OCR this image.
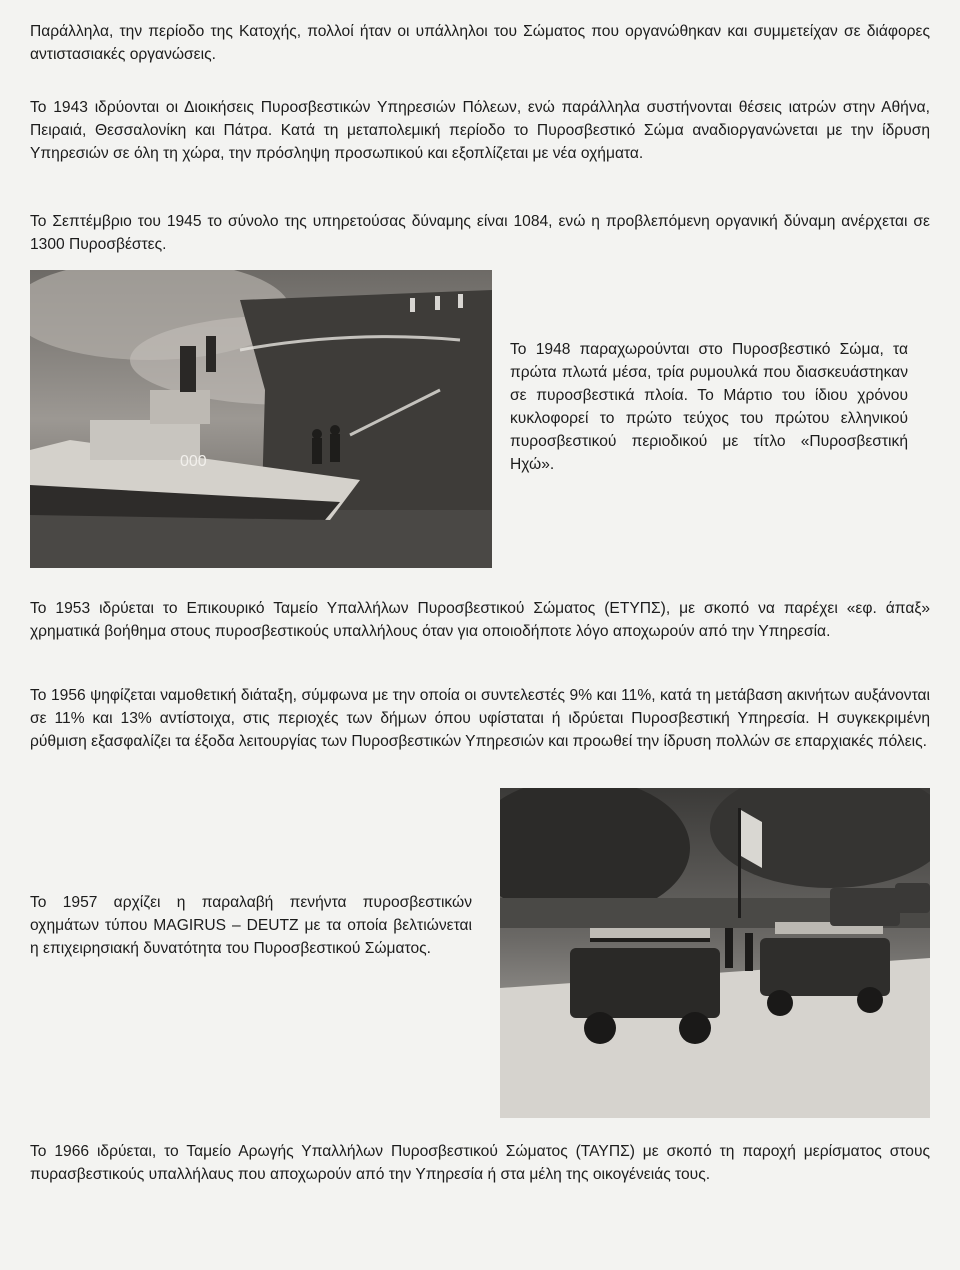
Παράλληλα, την περίοδο της Κατοχής, πολλοί ήταν οι υπάλληλοι του Σώματος που οργανώθηκαν και συμμετείχαν σε διάφορες αντιστασιακές οργανώσεις.

Το 1943 ιδρύονται οι Διοικήσεις Πυροσβεστικών Υπηρεσιών Πόλεων, ενώ παράλληλα συστήνονται θέσεις ιατρών στην Αθήνα, Πειραιά, Θεσσαλονίκη και Πάτρα. Κατά τη μεταπολεμική περίοδο το Πυροσβεστικό Σώμα αναδιοργανώνεται με την ίδρυση Υπηρεσιών σε όλη τη χώρα, την πρόσληψη προσωπικού και εξοπλίζεται με νέα οχήματα.

Το Σεπτέμβριο του 1945 το σύνολο της υπηρετούσας δύναμης είναι 1084, ενώ η προβλεπόμενη οργανική δύναμη ανέρχεται σε 1300 Πυροσβέστες.

000

Το 1948 παραχωρούνται στο Πυροσβεστικό Σώμα, τα πρώτα πλωτά μέσα, τρία ρυμουλκά που διασκευάστηκαν σε πυροσβεστικά πλοία. Το Μάρτιο του ίδιου χρόνου κυκλοφορεί το πρώτο τεύχος του πρώτου ελληνικού πυροσβεστικού περιοδικού με τίτλο «Πυροσβεστική Ηχώ».

Το 1953 ιδρύεται το Επικουρικό Ταμείο Υπαλλήλων Πυροσβεστικού Σώματος (ΕΤΥΠΣ), με σκοπό να παρέχει «εφ. άπαξ» χρηματικά βοήθημα στους πυροσβεστικούς υπαλλήλους όταν για οποιοδήποτε λόγο αποχωρούν από την Υπηρεσία.

Το 1956 ψηφίζεται ναμοθετική διάταξη, σύμφωνα με την οποία οι συντελεστές 9% και 11%, κατά τη μετάβαση ακινήτων αυξάνονται σε 11% και 13% αντίστοιχα, στις περιοχές των δήμων όπου υφίσταται ή ιδρύεται Πυροσβεστική Υπηρεσία. Η συγκεκριμένη ρύθμιση εξασφαλίζει τα έξοδα λειτουργίας των Πυροσβεστικών Υπηρεσιών και προωθεί την ίδρυση πολλών σε επαρχιακές πόλεις.

Το 1957 αρχίζει η παραλαβή πενήντα πυροσβεστικών οχημάτων τύπου MAGIRUS – DEUTZ με τα οποία βελτιώνεται η επιχειρησιακή δυνατότητα του Πυροσβεστικού Σώματος.

Το 1966 ιδρύεται, το Ταμείο Αρωγής Υπαλλήλων Πυροσβεστικού Σώματος (ΤΑΥΠΣ) με σκοπό τη παροχή μερίσματος στους πυρασβεστικούς υπαλλήλαυς που αποχωρούν από την Υπηρεσία ή στα μέλη της οικογένειάς τους.
